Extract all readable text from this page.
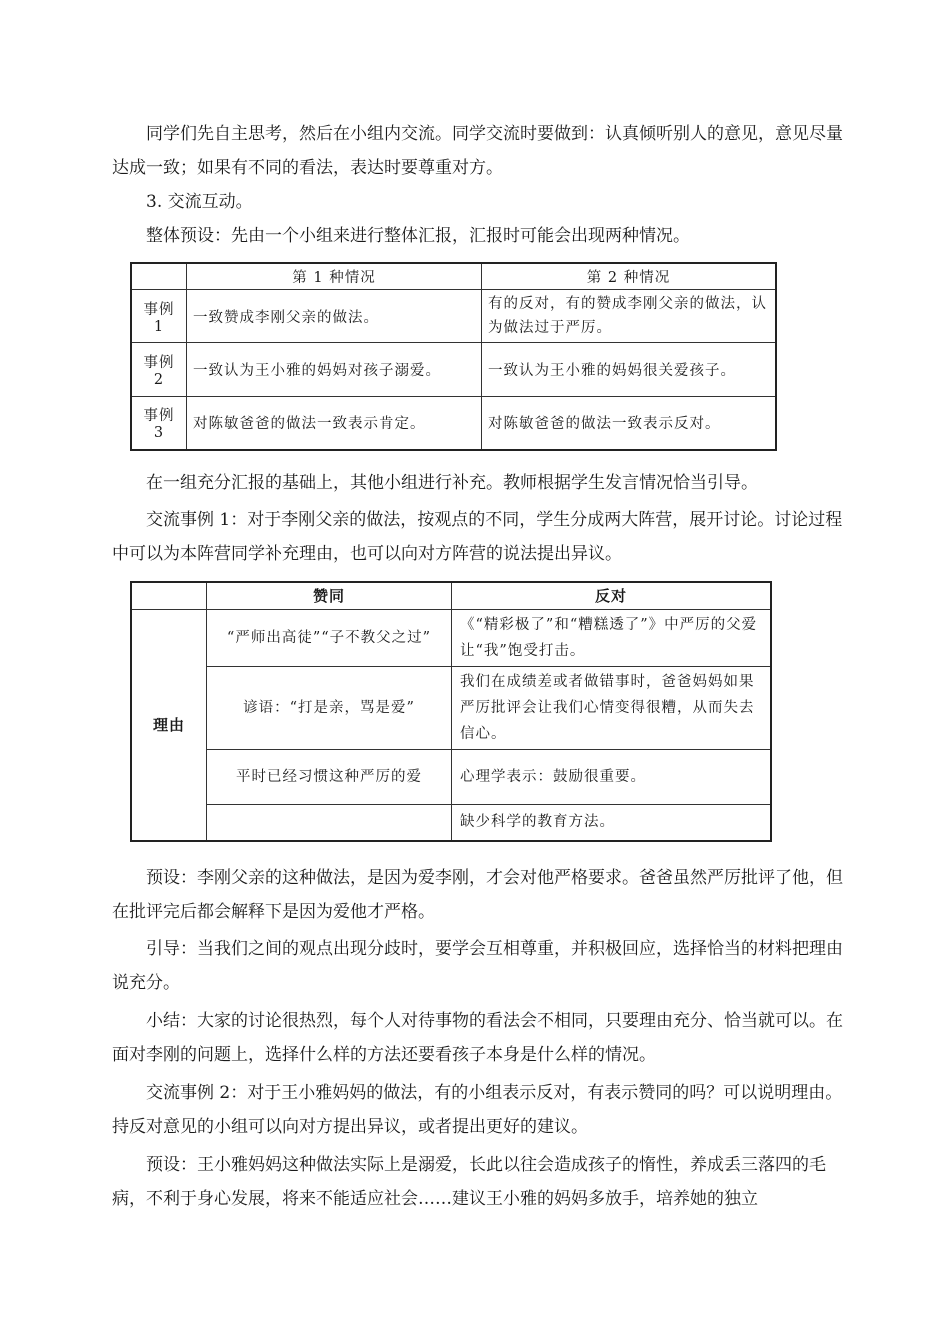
　　同学们先自主思考，然后在小组内交流。同学交流时要做到：认真倾听别人的意见，意见尽量达成一致；如果有不同的看法，表达时要尊重对方。

　　3. 交流互动。

　　整体预设：先由一个小组来进行整体汇报，汇报时可能会出现两种情况。

	第 1 种情况	第 2 种情况
事例 1	一致赞成李刚父亲的做法。	有的反对，有的赞成李刚父亲的做法，认为做法过于严厉。
事例 2	一致认为王小雅的妈妈对孩子溺爱。	一致认为王小雅的妈妈很关爱孩子。
事例 3	对陈敏爸爸的做法一致表示肯定。	对陈敏爸爸的做法一致表示反对。

　　在一组充分汇报的基础上，其他小组进行补充。教师根据学生发言情况恰当引导。

　　交流事例 1：对于李刚父亲的做法，按观点的不同，学生分成两大阵营，展开讨论。讨论过程中可以为本阵营同学补充理由，也可以向对方阵营的说法提出异议。

	赞同	反对
理由	“严师出高徒”“子不教父之过”	《“精彩极了”和“糟糕透了”》中严厉的父爱让“我”饱受打击。
	谚语：“打是亲，骂是爱”	我们在成绩差或者做错事时，爸爸妈妈如果严厉批评会让我们心情变得很糟，从而失去信心。
	平时已经习惯这种严厉的爱	心理学表示：鼓励很重要。
		缺少科学的教育方法。

　　预设：李刚父亲的这种做法，是因为爱李刚，才会对他严格要求。爸爸虽然严厉批评了他，但在批评完后都会解释下是因为爱他才严格。

　　引导：当我们之间的观点出现分歧时，要学会互相尊重，并积极回应，选择恰当的材料把理由说充分。

　　小结：大家的讨论很热烈，每个人对待事物的看法会不相同，只要理由充分、恰当就可以。在面对李刚的问题上，选择什么样的方法还要看孩子本身是什么样的情况。

　　交流事例 2：对于王小雅妈妈的做法，有的小组表示反对，有表示赞同的吗？可以说明理由。持反对意见的小组可以向对方提出异议，或者提出更好的建议。

　　预设：王小雅妈妈这种做法实际上是溺爱，长此以往会造成孩子的惰性，养成丢三落四的毛病，不利于身心发展，将来不能适应社会……建议王小雅的妈妈多放手，培养她的独立
